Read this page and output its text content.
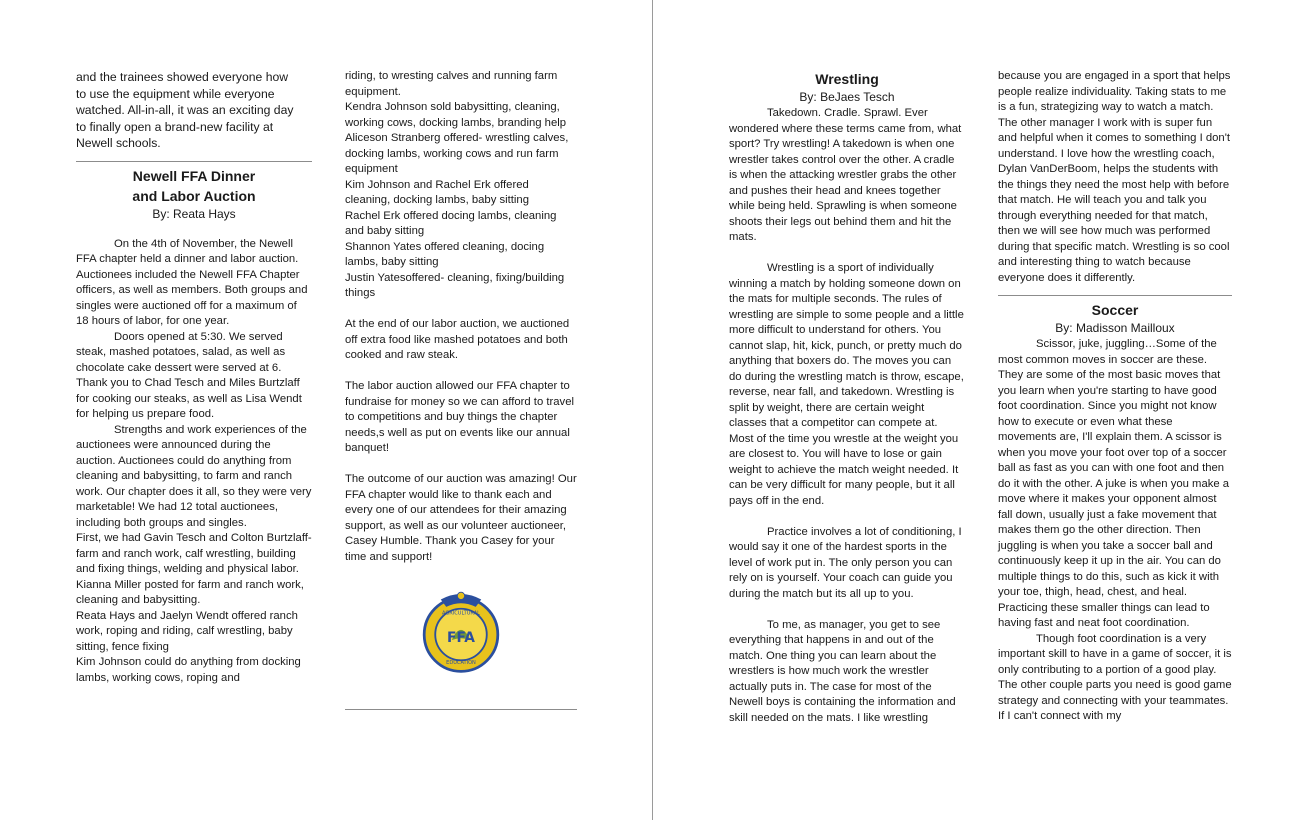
and the trainees showed everyone how

to use the equipment while everyone

watched. All-in-all, it was an exciting day

to finally open a brand-new facility at

Newell schools.

Newell FFA Dinner
and Labor Auction
By: Reata Hays

On the 4th of November, the Newell FFA chapter held a dinner and labor auction. Auctionees included the Newell FFA Chapter officers, as well as members. Both groups and singles were auctioned off for a maximum of 18 hours of labor, for one year.

Doors opened at 5:30. We served steak, mashed potatoes, salad, as well as chocolate cake dessert were served at 6. Thank you to Chad Tesch and Miles Burtzlaff for cooking our steaks, as well as Lisa Wendt for helping us prepare food.

Strengths and work experiences of the auctionees were announced during the auction. Auctionees could do anything from cleaning and babysitting, to farm and ranch work. Our chapter does it all, so they were very marketable! We had 12 total auctionees, including both groups and singles.

First, we had Gavin Tesch and Colton Burtzlaff- farm and ranch work, calf wrestling, building and fixing things, welding and physical labor.

Kianna Miller posted for farm and ranch work, cleaning and babysitting.

Reata Hays and Jaelyn Wendt offered ranch work, roping and riding, calf wrestling, baby sitting, fence fixing

Kim Johnson could do anything from docking lambs, working cows, roping and

riding, to wresting calves and running farm equipment.

Kendra Johnson sold babysitting, cleaning, working cows, docking lambs, branding help

Aliceson Stranberg offered- wrestling calves, docking lambs, working cows and run farm equipment

Kim Johnson and Rachel Erk offered cleaning, docking lambs, baby sitting

Rachel Erk offered docing lambs, cleaning and baby sitting

Shannon Yates offered cleaning, docing lambs, baby sitting

Justin Yatesoffered- cleaning, fixing/building things

At the end of our labor auction, we auctioned off extra food like mashed potatoes and both cooked and raw steak.

The labor auction allowed our FFA chapter to fundraise for money so we can afford to travel to competitions and buy things the chapter needs,s well as put on events like our annual banquet!

The outcome of our auction was amazing! Our FFA chapter would like to thank each and every one of our attendees for their amazing support, as well as our volunteer auctioneer, Casey Humble. Thank you Casey for your time and support!

FFA
AGRICULTURAL
EDUCATION
Wrestling
By: BeJaes Tesch

Takedown. Cradle. Sprawl. Ever wondered where these terms came from, what sport? Try wrestling! A takedown is when one wrestler takes control over the other. A cradle is when the attacking wrestler grabs the other and pushes their head and knees together while being held. Sprawling is when someone shoots their legs out behind them and hit the mats.

Wrestling is a sport of individually winning a match by holding someone down on the mats for multiple seconds. The rules of wrestling are simple to some people and a little more difficult to understand for others. You cannot slap, hit, kick, punch, or pretty much do anything that boxers do. The moves you can do during the wrestling match is throw, escape, reverse, near fall, and takedown. Wrestling is split by weight, there are certain weight classes that a competitor can compete at. Most of the time you wrestle at the weight you are closest to. You will have to lose or gain weight to achieve the match weight needed. It can be very difficult for many people, but it all pays off in the end.

Practice involves a lot of conditioning, I would say it one of the hardest sports in the level of work put in. The only person you can rely on is yourself. Your coach can guide you during the match but its all up to you.

To me, as manager, you get to see everything that happens in and out of the match. One thing you can learn about the wrestlers is how much work the wrestler actually puts in. The case for most of the Newell boys is containing the information and skill needed on the mats. I like wrestling

because you are engaged in a sport that helps people realize individuality. Taking stats to me is a fun, strategizing way to watch a match. The other manager I work with is super fun and helpful when it comes to something I don't understand. I love how the wrestling coach, Dylan VanDerBoom, helps the students with the things they need the most help with before that match. He will teach you and talk you through everything needed for that match, then we will see how much was performed during that specific match. Wrestling is so cool and interesting thing to watch because everyone does it differently.

Soccer
By: Madisson Mailloux

Scissor, juke, juggling…Some of the most common moves in soccer are these. They are some of the most basic moves that you learn when you're starting to have good foot coordination. Since you might not know how to execute or even what these movements are, I'll explain them. A scissor is when you move your foot over top of a soccer ball as fast as you can with one foot and then do it with the other. A juke is when you make a move where it makes your opponent almost fall down, usually just a fake movement that makes them go the other direction. Then juggling is when you take a soccer ball and continuously keep it up in the air. You can do multiple things to do this, such as kick it with your toe, thigh, head, chest, and heal. Practicing these smaller things can lead to having fast and neat foot coordination.

Though foot coordination is a very important skill to have in a game of soccer, it is only contributing to a portion of a good play. The other couple parts you need is good game strategy and connecting with your teammates. If I can't connect with my
